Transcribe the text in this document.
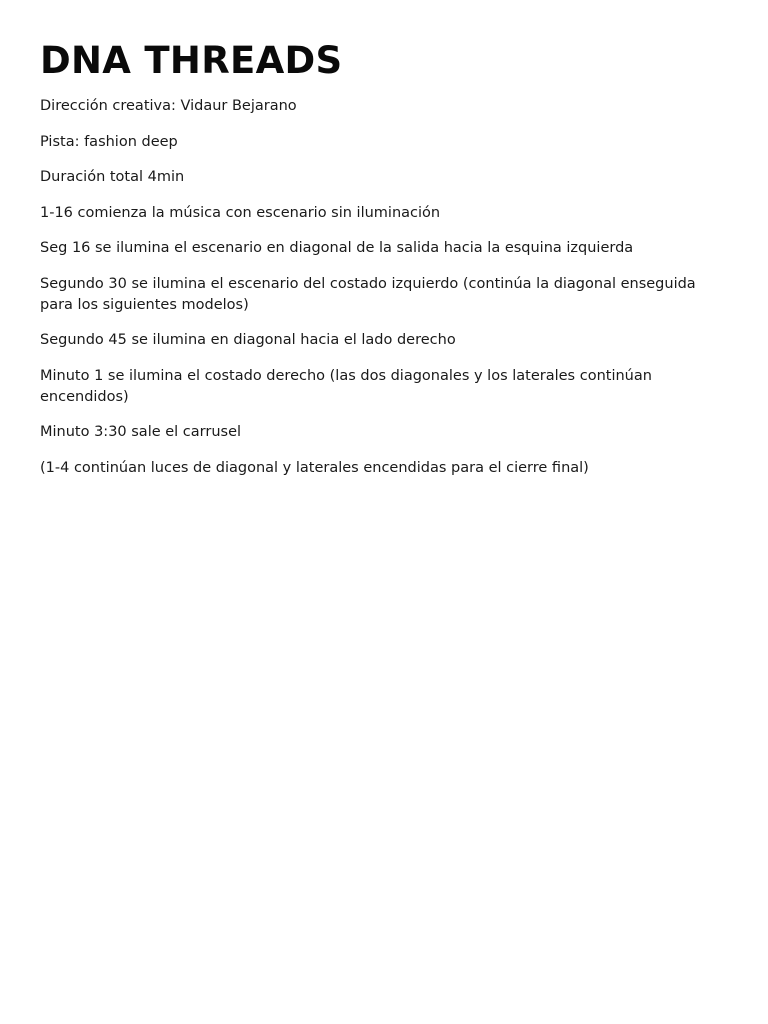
DNA THREADS

Dirección creativa: Vidaur Bejarano

Pista: fashion deep

Duración total 4min

1-16 comienza la música con escenario sin iluminación

Seg 16 se ilumina el escenario en diagonal de la salida hacia la esquina izquierda

Segundo 30 se ilumina el escenario del costado izquierdo (continúa la diagonal enseguida para los siguientes modelos)

Segundo 45 se ilumina en diagonal hacia el lado derecho

Minuto 1 se ilumina el costado derecho (las dos diagonales y los laterales continúan encendidos)

Minuto 3:30 sale el carrusel

(1-4 continúan luces de diagonal y laterales encendidas para el cierre final)
